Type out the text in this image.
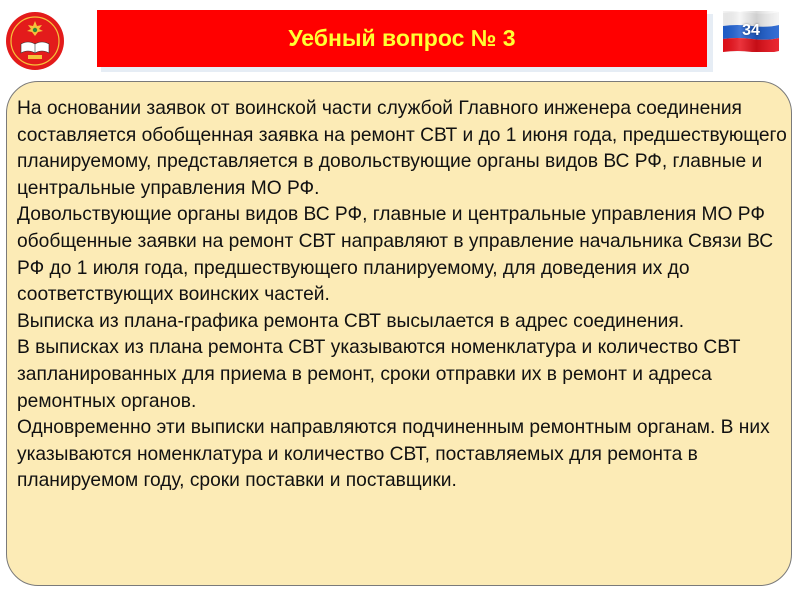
Уебный вопрос № 3	34

На основании заявок от воинской части службой Главного инженера соединения составляется обобщенная заявка на ремонт СВТ и до 1 июня года, предшествующего планируемому, представляется в довольствующие органы видов ВС РФ, главные и центральные управления МО РФ.

Довольствующие органы видов ВС РФ, главные и центральные управления МО РФ обобщенные заявки на ремонт СВТ направляют в управление начальника Связи ВС РФ до 1 июля года, предшествующего планируемому, для доведения их до соответствующих воинских частей.

Выписка из плана-графика ремонта СВТ высылается в адрес соединения.

В выписках из плана ремонта СВТ указываются номенклатура и количество СВТ запланированных для приема в ремонт, сроки отправки их в ремонт и адреса ремонтных органов.

Одновременно эти выписки направляются подчиненным ремонтным органам. В них указываются номенклатура и количество СВТ, поставляемых для ремонта в планируемом году, сроки поставки и поставщики.
